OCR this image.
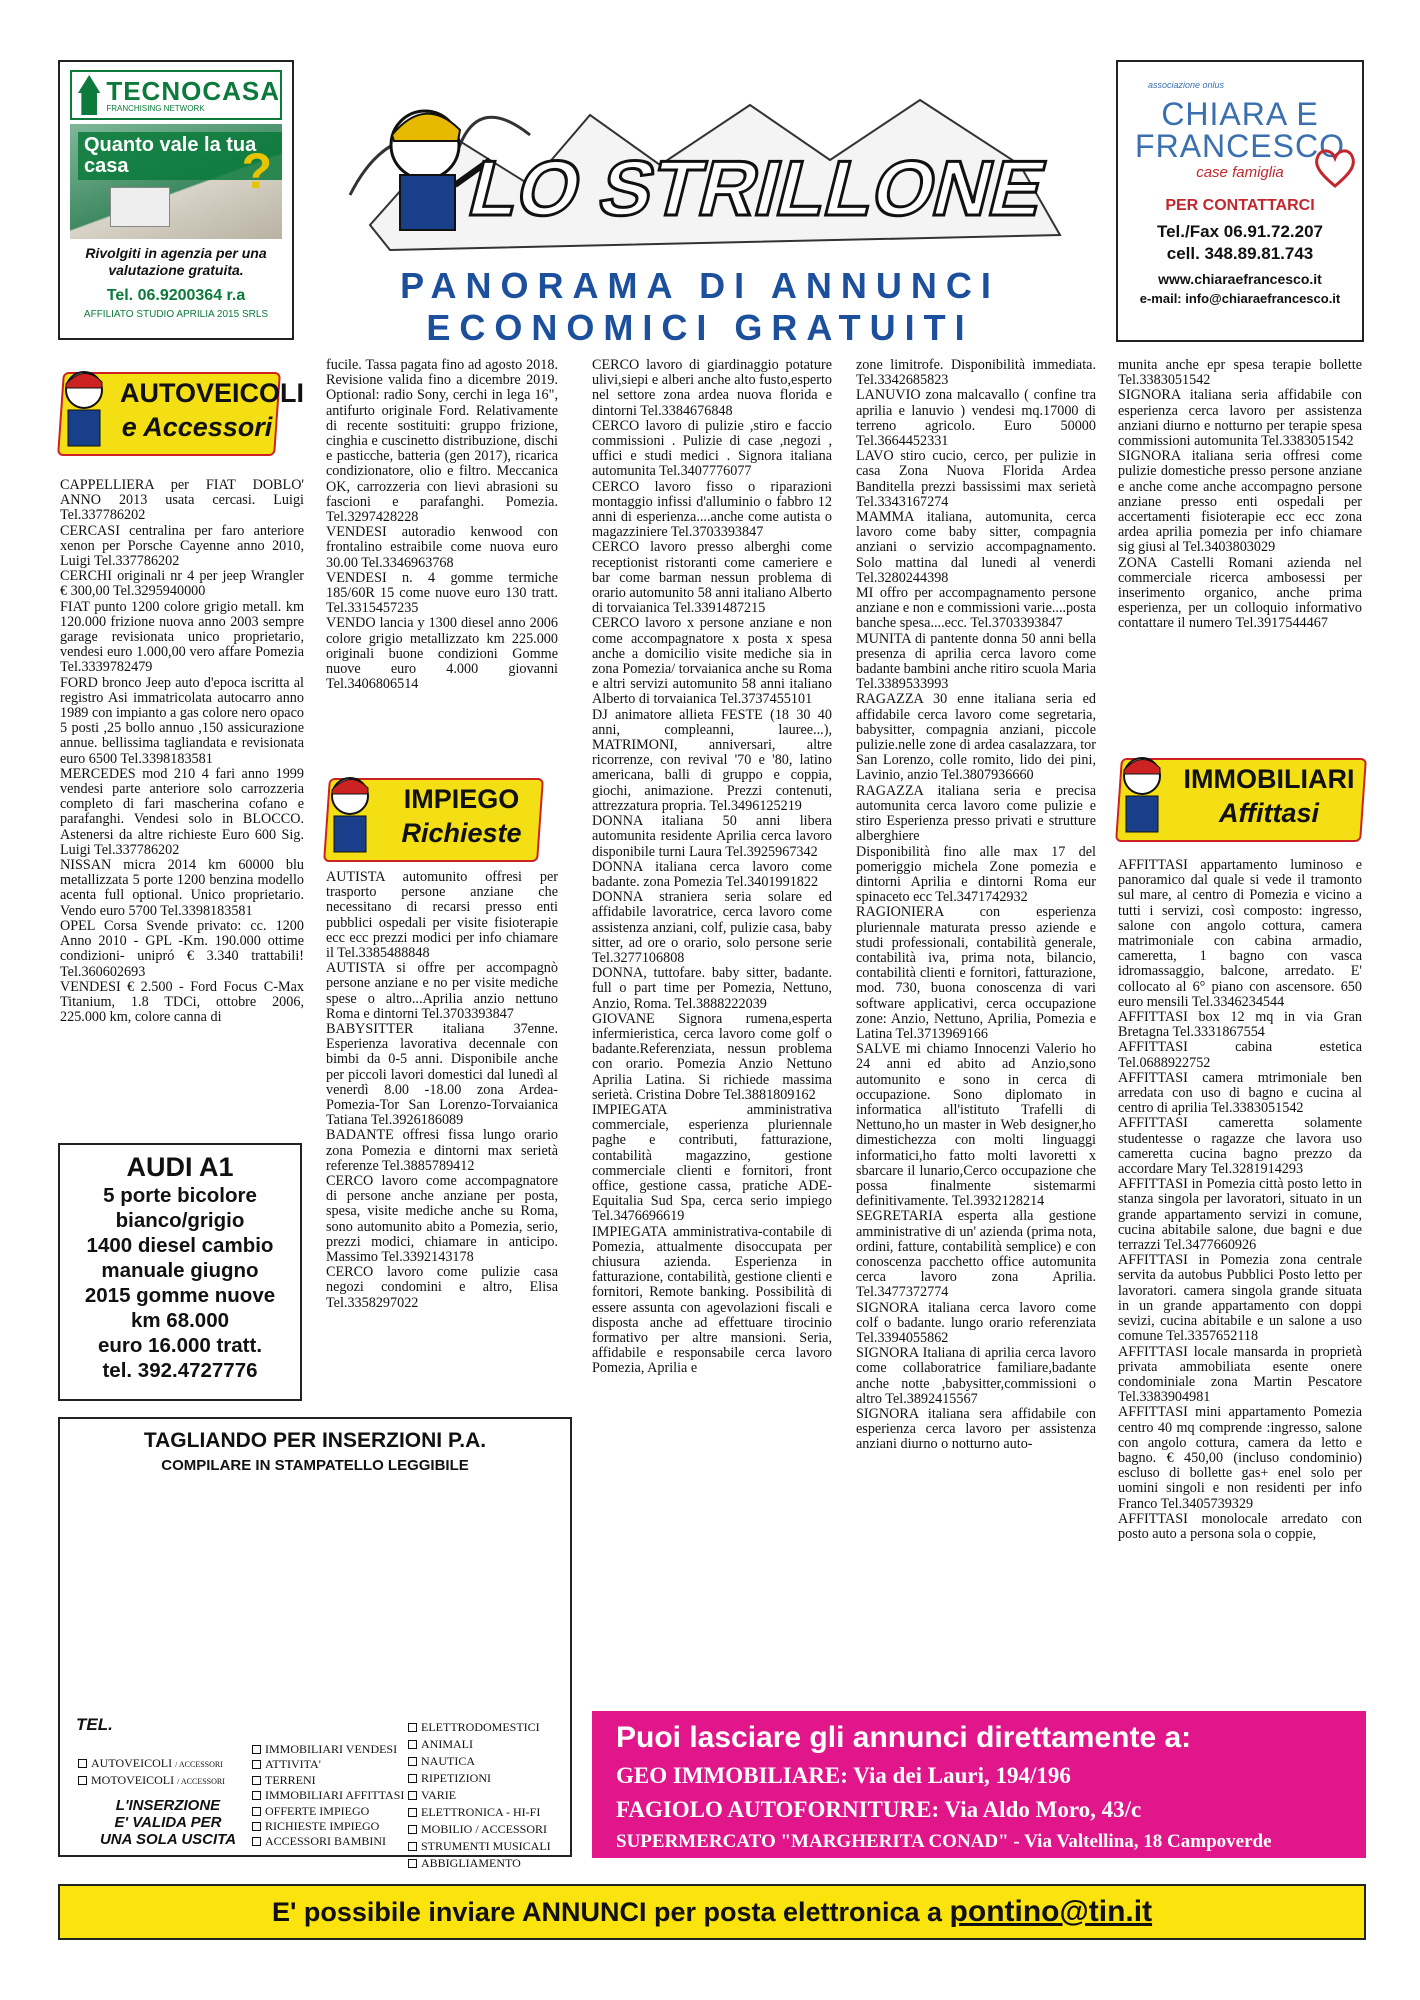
TECNOCASA
FRANCHISING NETWORK
Quanto vale la tua casa	?
Rivolgiti in agenzia per una valutazione gratuita.
Tel. 06.9200364 r.a
AFFILIATO STUDIO APRILIA 2015 SRLS
LO STRILLONE
PANORAMA DI ANNUNCI
ECONOMICI GRATUITI
associazione onlus
CHIARA E
FRANCESCO
case famiglia
PER CONTATTARCI
Tel./Fax 06.91.72.207
cell. 348.89.81.743
www.chiaraefrancesco.it
e-mail: info@chiaraefrancesco.it
AUTOVEICOLI
e Accessori
IMPIEGO
Richieste
IMMOBILIARI
Affittasi

CAPPELLIERA per FIAT DOBLO' ANNO 2013 usata cercasi. Luigi Tel.337786202

CERCASI centralina per faro anteriore xenon per Porsche Cayenne anno 2010, Luigi Tel.337786202

CERCHI originali nr 4 per jeep Wrangler € 300,00 Tel.3295940000

FIAT punto 1200 colore grigio metall. km 120.000 frizione nuova anno 2003 sempre garage revisionata unico proprietario, vendesi euro 1.000,00 vero affare Pomezia Tel.3339782479

FORD bronco Jeep auto d'epoca iscritta al registro Asi immatricolata autocarro anno 1989 con impianto a gas colore nero opaco 5 posti ,25 bollo annuo ,150 assicurazione annue. bellissima tagliandata e revisionata euro 6500 Tel.3398183581

MERCEDES mod 210 4 fari anno 1999 vendesi parte anteriore solo carrozzeria completo di fari mascherina cofano e parafanghi. Vendesi solo in BLOCCO. Astenersi da altre richieste Euro 600 Sig. Luigi Tel.337786202

NISSAN micra 2014 km 60000 blu metallizzata 5 porte 1200 benzina modello acenta full optional. Unico proprietario. Vendo euro 5700 Tel.3398183581

OPEL Corsa Svende privato: cc. 1200 Anno 2010 - GPL -Km. 190.000 ottime condizioni- unipró € 3.340 trattabili! Tel.360602693

VENDESI € 2.500 - Ford Focus C-Max Titanium, 1.8 TDCi, ottobre 2006, 225.000 km, colore canna di

fucile. Tassa pagata fino ad agosto 2018. Revisione valida fino a dicembre 2019. Optional: radio Sony, cerchi in lega 16", antifurto originale Ford. Relativamente di recente sostituiti: gruppo frizione, cinghia e cuscinetto distribuzione, dischi e pasticche, batteria (gen 2017), ricarica condizionatore, olio e filtro. Meccanica OK, carrozzeria con lievi abrasioni su fascioni e parafanghi. Pomezia. Tel.3297428228

VENDESI autoradio kenwood con frontalino estraibile come nuova euro 30.00 Tel.3346963768

VENDESI n. 4 gomme termiche 185/60R 15 come nuove euro 130 tratt. Tel.3315457235

VENDO lancia y 1300 diesel anno 2006 colore grigio metallizzato km 225.000 originali buone condizioni Gomme nuove euro 4.000 giovanni Tel.3406806514

AUTISTA automunito offresi per trasporto persone anziane che necessitano di recarsi presso enti pubblici ospedali per visite fisioterapie ecc ecc prezzi modici per info chiamare il Tel.3385488848

AUTISTA si offre per accompagnò persone anziane e no per visite mediche spese o altro...Aprilia anzio nettuno Roma e dintorni Tel.3703393847

BABYSITTER italiana 37enne. Esperienza lavorativa decennale con bimbi da 0-5 anni. Disponibile anche per piccoli lavori domestici dal lunedì al venerdì 8.00 -18.00 zona Ardea-Pomezia-Tor San Lorenzo-Torvaianica Tatiana Tel.3926186089

BADANTE offresi fissa lungo orario zona Pomezia e dintorni max serietà referenze Tel.3885789412

CERCO lavoro come accompagnatore di persone anche anziane per posta, spesa, visite mediche anche su Roma, sono automunito abito a Pomezia, serio, prezzi modici, chiamare in anticipo. Massimo Tel.3392143178

CERCO lavoro come pulizie casa negozi condomini e altro, Elisa Tel.3358297022

CERCO lavoro di giardinaggio potature ulivi,siepi e alberi anche alto fusto,esperto nel settore zona ardea nuova florida e dintorni Tel.3384676848

CERCO lavoro di pulizie ,stiro e faccio commissioni . Pulizie di case ,negozi , uffici e studi medici . Signora italiana automunita Tel.3407776077

CERCO lavoro fisso o riparazioni montaggio infissi d'alluminio o fabbro 12 anni di esperienza....anche come autista o magazziniere Tel.3703393847

CERCO lavoro presso alberghi come receptionist ristoranti come cameriere e bar come barman nessun problema di orario automunito 58 anni italiano Alberto di torvaianica Tel.3391487215

CERCO lavoro x persone anziane e non come accompagnatore x posta x spesa anche a domicilio visite mediche sia in zona Pomezia/ torvaianica anche su Roma e altri servizi automunito 58 anni italiano Alberto di torvaianica Tel.3737455101

DJ animatore allieta FESTE (18 30 40 anni, compleanni, lauree...), MATRIMONI, anniversari, altre ricorrenze, con revival '70 e '80, latino americana, balli di gruppo e coppia, giochi, animazione. Prezzi contenuti, attrezzatura propria. Tel.3496125219

DONNA italiana 50 anni libera automunita residente Aprilia cerca lavoro disponibile turni Laura Tel.3925967342

DONNA italiana cerca lavoro come badante. zona Pomezia Tel.3401991822

DONNA straniera seria solare ed affidabile lavoratrice, cerca lavoro come assistenza anziani, colf, pulizie casa, baby sitter, ad ore o orario, solo persone serie Tel.3277106808

DONNA, tuttofare. baby sitter, badante. full o part time per Pomezia, Nettuno, Anzio, Roma. Tel.3888222039

GIOVANE Signora rumena,esperta infermieristica, cerca lavoro come golf o badante.Referenziata, nessun problema con orario. Pomezia Anzio Nettuno Aprilia Latina. Si richiede massima serietà. Cristina Dobre Tel.3881809162

IMPIEGATA amministrativa commerciale, esperienza pluriennale paghe e contributi, fatturazione, contabilità magazzino, gestione commerciale clienti e fornitori, front office, gestione cassa, pratiche ADE-Equitalia Sud Spa, cerca serio impiego Tel.3476696619

IMPIEGATA amministrativa-contabile di Pomezia, attualmente disoccupata per chiusura azienda. Esperienza in fatturazione, contabilità, gestione clienti e fornitori, Remote banking. Possibilità di essere assunta con agevolazioni fiscali e disposta anche ad effettuare tirocinio formativo per altre mansioni. Seria, affidabile e responsabile cerca lavoro Pomezia, Aprilia e

zone limitrofe. Disponibilità immediata. Tel.3342685823

LANUVIO zona malcavallo ( confine tra aprilia e lanuvio ) vendesi mq.17000 di terreno agricolo. Euro 50000 Tel.3664452331

LAVO stiro cucio, cerco, per pulizie in casa Zona Nuova Florida Ardea Banditella prezzi bassissimi max serietà Tel.3343167274

MAMMA italiana, automunita, cerca lavoro come baby sitter, compagnia anziani o servizio accompagnamento. Solo mattina dal lunedi al venerdi Tel.3280244398

MI offro per accompagnamento persone anziane e non e commissioni varie....posta banche spesa....ecc. Tel.3703393847

MUNITA di pantente donna 50 anni bella presenza di aprilia cerca lavoro come badante bambini anche ritiro scuola Maria Tel.3389533993

RAGAZZA 30 enne italiana seria ed affidabile cerca lavoro come segretaria, babysitter, compagnia anziani, piccole pulizie.nelle zone di ardea casalazzara, tor San Lorenzo, colle romito, lido dei pini, Lavinio, anzio Tel.3807936660

RAGAZZA italiana seria e precisa automunita cerca lavoro come pulizie e stiro Esperienza presso privati e strutture alberghiere

Disponibilità fino alle max 17 del pomeriggio michela Zone pomezia e dintorni Aprilia e dintorni Roma eur spinaceto ecc Tel.3471742932

RAGIONIERA con esperienza pluriennale maturata presso aziende e studi professionali, contabilità generale, contabilità iva, prima nota, bilancio, contabilità clienti e fornitori, fatturazione, mod. 730, buona conoscenza di vari software applicativi, cerca occupazione zone: Anzio, Nettuno, Aprilia, Pomezia e Latina Tel.3713969166

SALVE mi chiamo Innocenzi Valerio ho 24 anni ed abito ad Anzio,sono automunito e sono in cerca di occupazione. Sono diplomato in informatica all'istituto Trafelli di Nettuno,ho un master in Web designer,ho dimestichezza con molti linguaggi informatici,ho fatto molti lavoretti x sbarcare il lunario,Cerco occupazione che possa finalmente sistemarmi definitivamente. Tel.3932128214

SEGRETARIA esperta alla gestione amministrative di un' azienda (prima nota, ordini, fatture, contabilità semplice) e con conoscenza pacchetto office automunita cerca lavoro zona Aprilia. Tel.3477372774

SIGNORA italiana cerca lavoro come colf o badante. lungo orario referenziata Tel.3394055862

SIGNORA Italiana di aprilia cerca lavoro come collaboratrice familiare,badante anche notte ,babysitter,commissioni o altro Tel.3892415567

SIGNORA italiana sera affidabile con esperienza cerca lavoro per assistenza anziani diurno o notturno auto-

munita anche epr spesa terapie bollette Tel.3383051542

SIGNORA italiana seria affidabile con esperienza cerca lavoro per assistenza anziani diurno e notturno per terapie spesa commissioni automunita Tel.3383051542

SIGNORA italiana seria offresi come pulizie domestiche presso persone anziane e anche come anche accompagno persone anziane presso enti ospedali per accertamenti fisioterapie ecc ecc zona ardea aprilia pomezia per info chiamare sig giusi al Tel.3403803029

ZONA Castelli Romani azienda nel commerciale ricerca ambosessi per inserimento organico, anche prima esperienza, per un colloquio informativo contattare il numero Tel.3917544467

AFFITTASI appartamento luminoso e panoramico dal quale si vede il tramonto sul mare, al centro di Pomezia e vicino a tutti i servizi, così composto: ingresso, salone con angolo cottura, camera matrimoniale con cabina armadio, cameretta, 1 bagno con vasca idromassaggio, balcone, arredato. E' collocato al 6° piano con ascensore. 650 euro mensili Tel.3346234544

AFFITTASI box 12 mq in via Gran Bretagna Tel.3331867554

AFFITTASI cabina estetica Tel.0688922752

AFFITTASI camera mtrimoniale ben arredata con uso di bagno e cucina al centro di aprilia Tel.3383051542

AFFITTASI cameretta solamente studentesse o ragazze che lavora uso cameretta cucina bagno prezzo da accordare Mary Tel.3281914293

AFFITTASI in Pomezia città posto letto in stanza singola per lavoratori, situato in un grande appartamento servizi in comune, cucina abitabile salone, due bagni e due terrazzi Tel.3477660926

AFFITTASI in Pomezia zona centrale servita da autobus Pubblici Posto letto per lavoratori. camera singola grande situata in un grande appartamento con doppi sevizi, cucina abitabile e un salone a uso comune Tel.3357652118

AFFITTASI locale mansarda in proprietà privata ammobiliata esente onere condominiale zona Martin Pescatore Tel.3383904981

AFFITTASI mini appartamento Pomezia centro 40 mq comprende :ingresso, salone con angolo cottura, camera da letto e bagno. € 450,00 (incluso condominio) escluso di bollette gas+ enel solo per uomini singoli e non residenti per info Franco Tel.3405739329

AFFITTASI monolocale arredato con posto auto a persona sola o coppie,

AUDI A1
5 porte bicolore
bianco/grigio
1400 diesel cambio
manuale giugno
2015 gomme nuove
km 68.000
euro 16.000 tratt.
tel. 392.4727776
TAGLIANDO PER INSERZIONI P.A.
COMPILARE IN STAMPATELLO LEGGIBILE
TEL.
AUTOVEICOLI / ACCESSORI
MOTOVEICOLI / ACCESSORI
IMMOBILIARI VENDESI
ATTIVITA'
TERRENI
IMMOBILIARI AFFITTASI
OFFERTE IMPIEGO
RICHIESTE IMPIEGO
ACCESSORI BAMBINI
ELETTRODOMESTICI
ANIMALI
NAUTICA
RIPETIZIONI
VARIE
ELETTRONICA - HI-FI
MOBILIO / ACCESSORI
STRUMENTI MUSICALI
ABBIGLIAMENTO
L'INSERZIONE
E' VALIDA PER
UNA SOLA USCITA
Puoi lasciare gli annunci direttamente a:
GEO IMMOBILIARE: Via dei Lauri, 194/196
FAGIOLO AUTOFORNITURE: Via Aldo Moro, 43/c
SUPERMERCATO "MARGHERITA CONAD" - Via Valtellina, 18 Campoverde
E' possibile inviare ANNUNCI per posta elettronica a pontino@tin.it
